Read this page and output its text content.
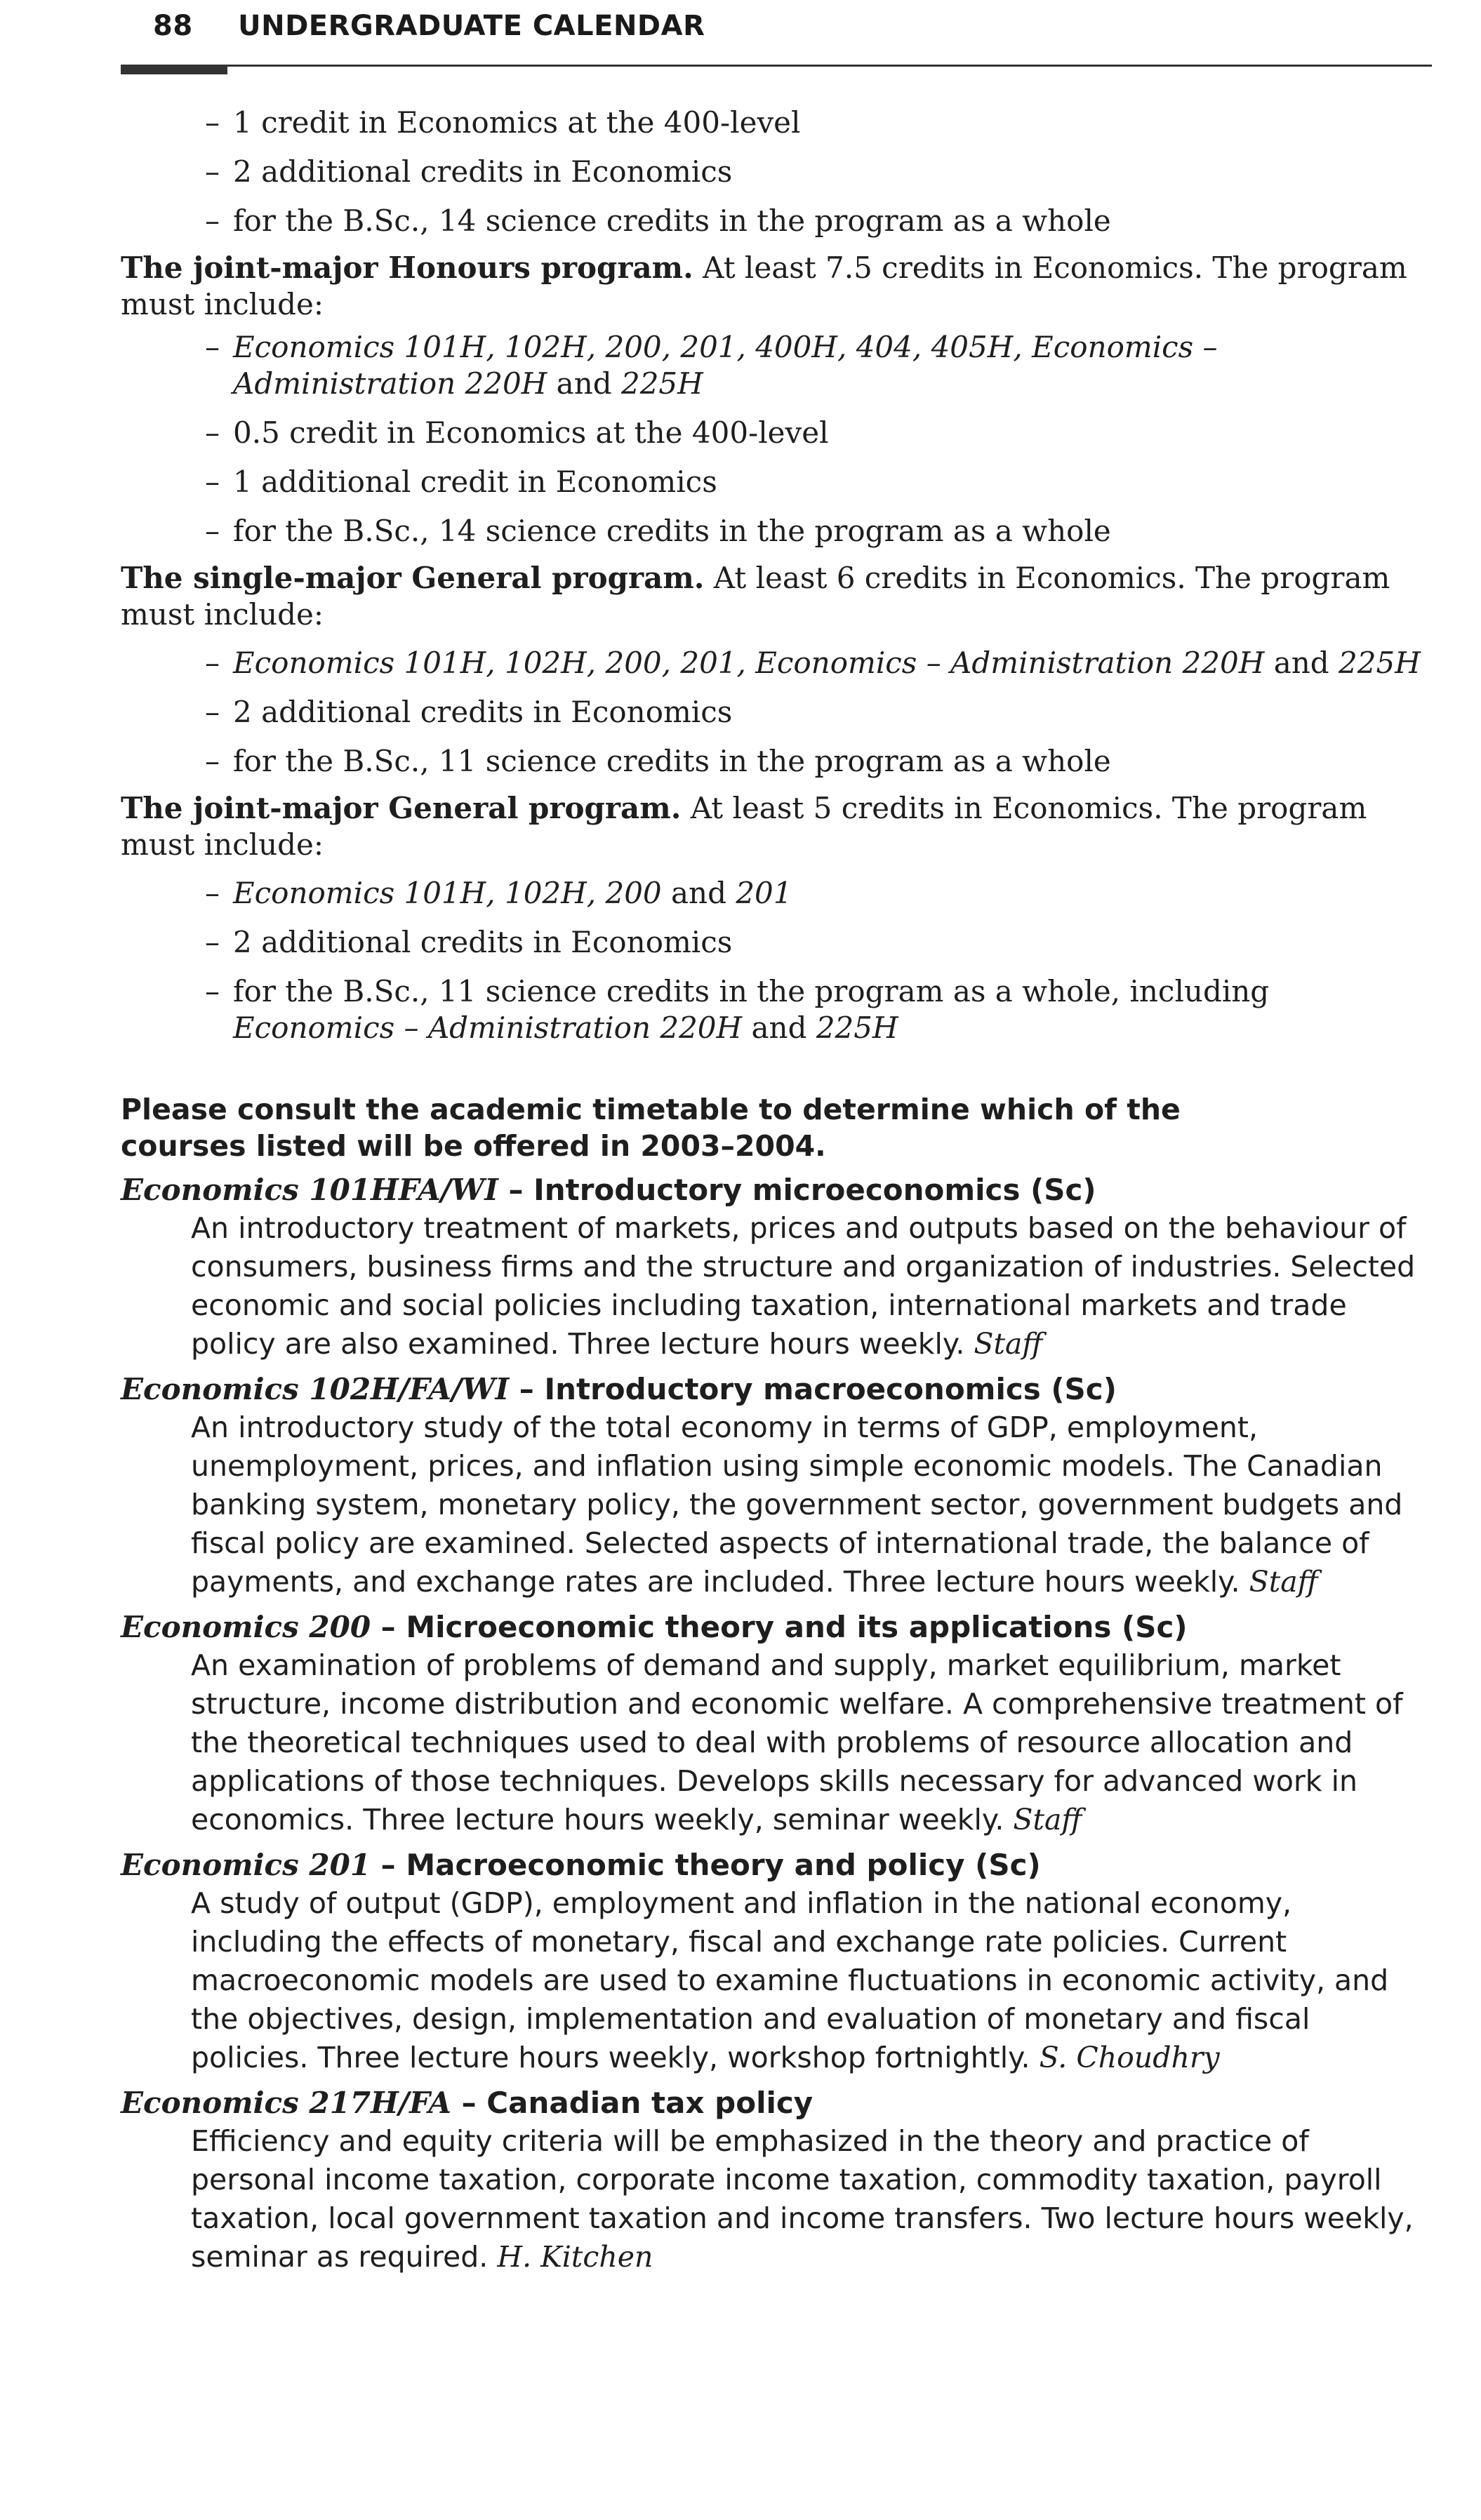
88 UNDERGRADUATE CALENDAR
– 1 credit in Economics at the 400-level
– 2 additional credits in Economics
– for the B.Sc., 14 science credits in the program as a whole
The joint-major Honours program. At least 7.5 credits in Economics. The program must include:
– Economics 101H, 102H, 200, 201, 400H, 404, 405H, Economics – Administration 220H and 225H
– 0.5 credit in Economics at the 400-level
– 1 additional credit in Economics
– for the B.Sc., 14 science credits in the program as a whole
The single-major General program. At least 6 credits in Economics. The program must include:
– Economics 101H, 102H, 200, 201, Economics – Administration 220H and 225H
– 2 additional credits in Economics
– for the B.Sc., 11 science credits in the program as a whole
The joint-major General program. At least 5 credits in Economics. The program must include:
– Economics 101H, 102H, 200 and 201
– 2 additional credits in Economics
– for the B.Sc., 11 science credits in the program as a whole, including Economics – Administration 220H and 225H
Please consult the academic timetable to determine which of the courses listed will be offered in 2003–2004.
Economics 101HFA/WI – Introductory microeconomics (Sc)
An introductory treatment of markets, prices and outputs based on the behaviour of consumers, business firms and the structure and organization of industries. Selected economic and social policies including taxation, international markets and trade policy are also examined. Three lecture hours weekly. Staff
Economics 102H/FA/WI – Introductory macroeconomics (Sc)
An introductory study of the total economy in terms of GDP, employment, unemployment, prices, and inflation using simple economic models. The Canadian banking system, monetary policy, the government sector, government budgets and fiscal policy are examined. Selected aspects of international trade, the balance of payments, and exchange rates are included. Three lecture hours weekly. Staff
Economics 200 – Microeconomic theory and its applications (Sc)
An examination of problems of demand and supply, market equilibrium, market structure, income distribution and economic welfare. A comprehensive treatment of the theoretical techniques used to deal with problems of resource allocation and applications of those techniques. Develops skills necessary for advanced work in economics. Three lecture hours weekly, seminar weekly. Staff
Economics 201 – Macroeconomic theory and policy (Sc)
A study of output (GDP), employment and inflation in the national economy, including the effects of monetary, fiscal and exchange rate policies. Current macroeconomic models are used to examine fluctuations in economic activity, and the objectives, design, implementation and evaluation of monetary and fiscal policies. Three lecture hours weekly, workshop fortnightly. S. Choudhry
Economics 217H/FA – Canadian tax policy
Efficiency and equity criteria will be emphasized in the theory and practice of personal income taxation, corporate income taxation, commodity taxation, payroll taxation, local government taxation and income transfers. Two lecture hours weekly, seminar as required. H. Kitchen
